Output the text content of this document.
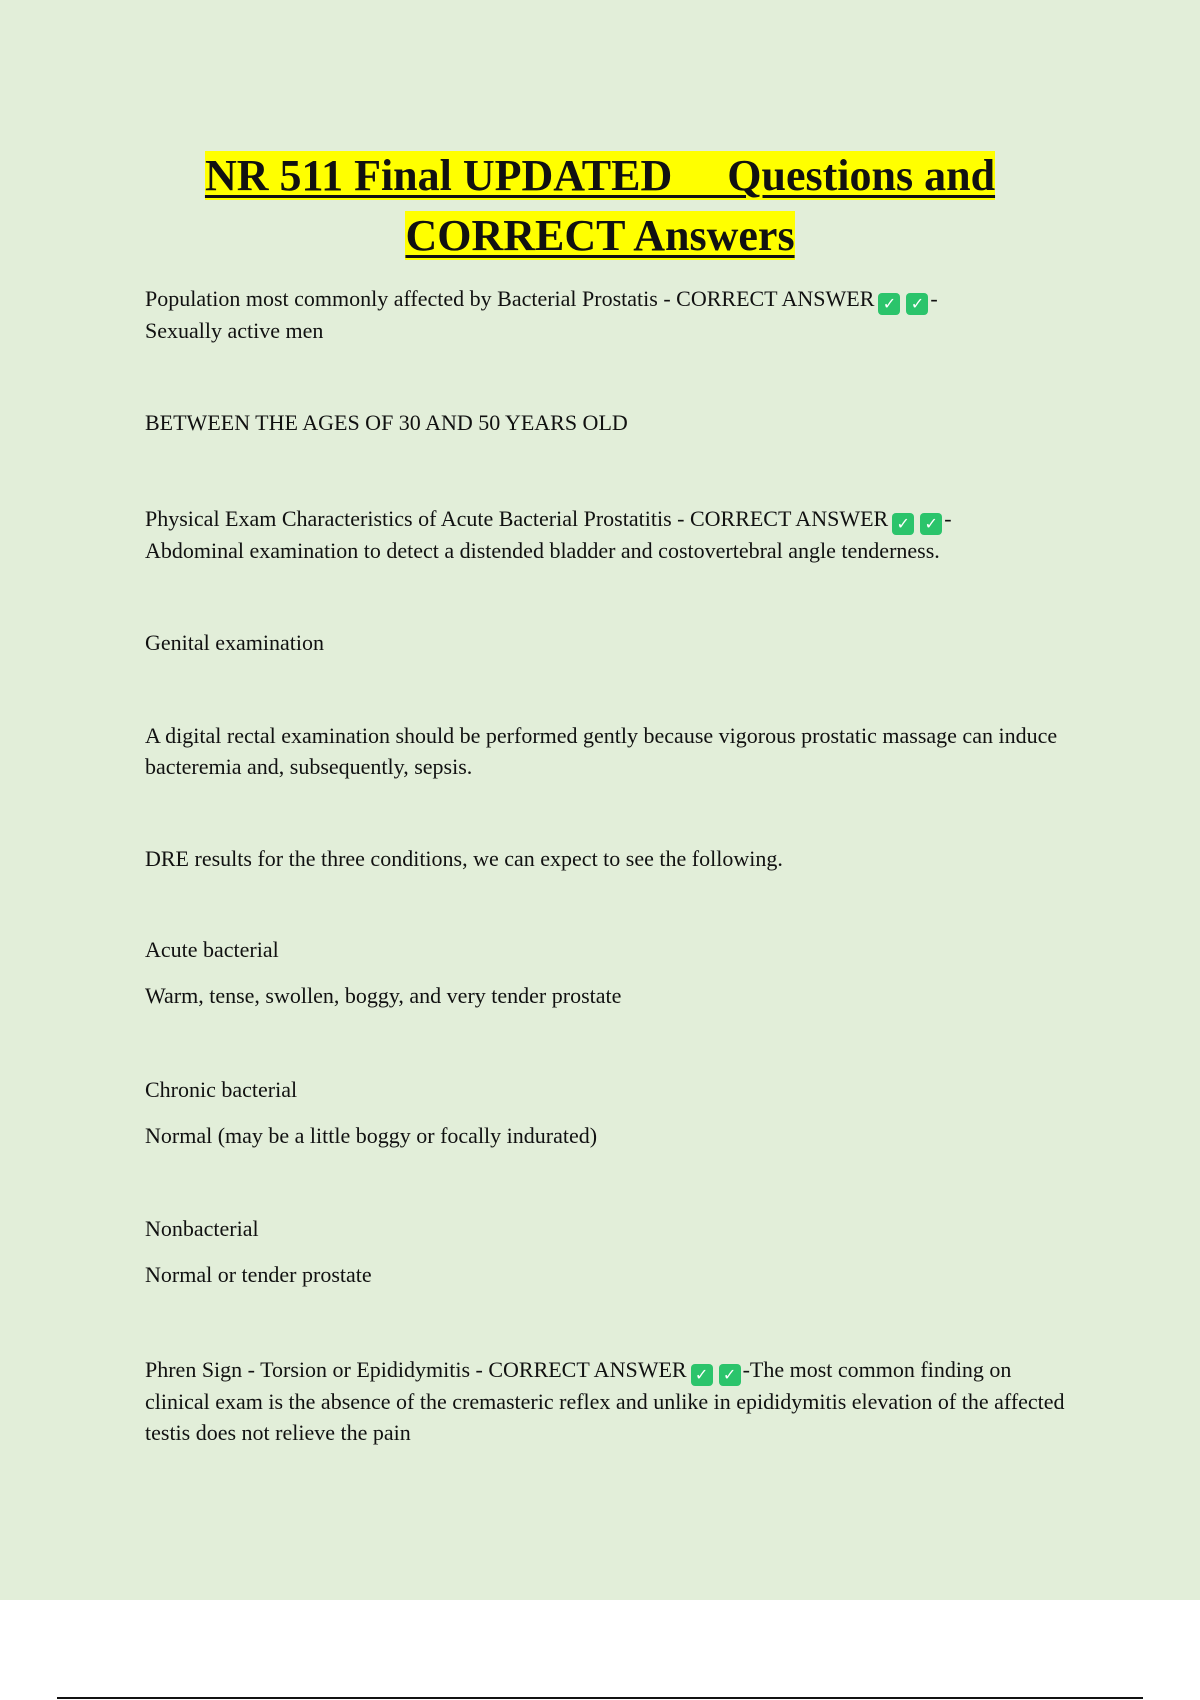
NR 511 Final UPDATED     Questions and
CORRECT Answers

Population most commonly affected by Bacterial Prostatis - CORRECT ANSWER ✓ ✓ -
Sexually active men

BETWEEN THE AGES OF 30 AND 50 YEARS OLD

Physical Exam Characteristics of Acute Bacterial Prostatitis - CORRECT ANSWER ✓ ✓ -
Abdominal examination to detect a distended bladder and costovertebral angle tenderness.

Genital examination

A digital rectal examination should be performed gently because vigorous prostatic massage can induce bacteremia and, subsequently, sepsis.

DRE results for the three conditions, we can expect to see the following.

Acute bacterial

Warm, tense, swollen, boggy, and very tender prostate

Chronic bacterial

Normal (may be a little boggy or focally indurated)

Nonbacterial

Normal or tender prostate

Phren Sign - Torsion or Epididymitis - CORRECT ANSWER ✓ ✓ -The most common finding on clinical exam is the absence of the cremasteric reflex and unlike in epididymitis elevation of the affected testis does not relieve the pain
